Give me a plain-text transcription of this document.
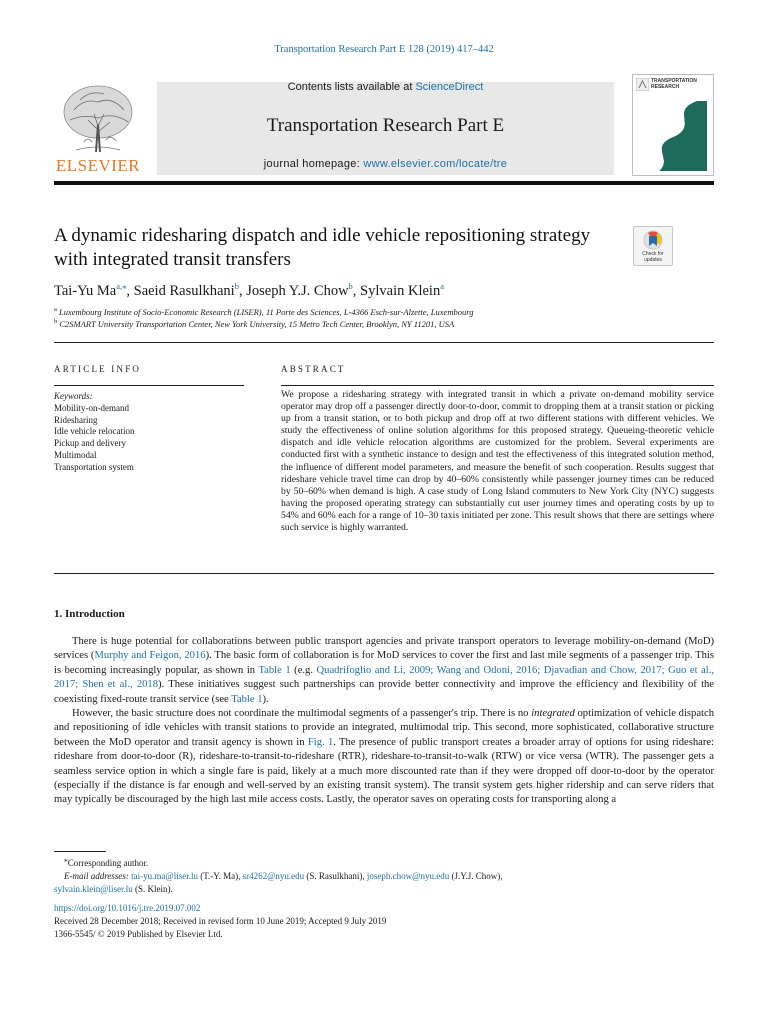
Transportation Research Part E 128 (2019) 417–442
ELSEVIER
Contents lists available at ScienceDirect
Transportation Research Part E
journal homepage: www.elsevier.com/locate/tre
TRANSPORTATION RESEARCH
A dynamic ridesharing dispatch and idle vehicle repositioning strategy with integrated transit transfers	Check for updates
Tai-Yu $Ma^{a,⁎}$, Saeid Rasulkhani$^b$, Joseph Y.J. Chow$^b$, Sylvain Klein$^a$
$^a$ Luxembourg Institute of Socio-Economic Research (LISER), 11 Porte des Sciences, L-4366 Esch-sur-Alzette, Luxembourg
$^b$ C2SMART University Transportation Center, New York University, 15 Metro Tech Center, Brooklyn, NY 11201, USA
ARTICLE INFO	ABSTRACT
Keywords:
Mobility-on-demand
Ridesharing
Idle vehicle relocation
Pickup and delivery
Multimodal
Transportation system
We propose a ridesharing strategy with integrated transit in which a private on-demand mobility service operator may drop off a passenger directly door-to-door, commit to dropping them at a transit station or picking up from a transit station, or to both pickup and drop off at two different stations with different vehicles. We study the effectiveness of online solution algorithms for this proposed strategy. Queueing-theoretic vehicle dispatch and idle vehicle relocation algorithms are customized for the problem. Several experiments are conducted first with a synthetic instance to design and test the effectiveness of this integrated solution method, the influence of different model parameters, and measure the benefit of such cooperation. Results suggest that rideshare vehicle travel time can drop by 40–60% consistently while passenger journey times can be reduced by 50–60% when demand is high. A case study of Long Island commuters to New York City (NYC) suggests having the proposed operating strategy can substantially cut user journey times and operating costs by up to 54% and 60% each for a range of 10–30 taxis initiated per zone. This result shows that there are settings where such service is highly warranted.
1. Introduction

There is huge potential for collaborations between public transport agencies and private transport operators to leverage mobility-on-demand (MoD) services (Murphy and Feigon, 2016). The basic form of collaboration is for MoD services to cover the first and last mile segments of a passenger trip. This is becoming increasingly popular, as shown in Table 1 (e.g. Quadrifoglio and Li, 2009; Wang and Odoni, 2016; Djavadian and Chow, 2017; Guo et al., 2017; Shen et al., 2018). These initiatives suggest such partnerships can provide better connectivity and improve the efficiency and flexibility of the coexisting fixed-route transit service (see Table 1).

However, the basic structure does not coordinate the multimodal segments of a passenger's trip. There is no integrated optimization of vehicle dispatch and repositioning of idle vehicles with transit stations to provide an integrated, multimodal trip. This second, more sophisticated, collaborative structure between the MoD operator and transit agency is shown in Fig. 1. The presence of public transport creates a broader array of options for using rideshare: rideshare from door-to-door (R), rideshare-to-transit-to-rideshare (RTR), rideshare-to-transit-to-walk (RTW) or vice versa (WTR). The passenger gets a seamless service option in which a single fare is paid, likely at a much more discounted rate than if they were dropped off door-to-door by the operator (especially if the distance is far enough and well-served by an existing transit system). The transit system gets higher ridership and can serve riders that may typically be discouraged by the high last mile access costs. Lastly, the operator saves on operating costs for transporting along a

⁎Corresponding author.

E-mail addresses: tai-yu.ma@liser.lu (T.-Y. Ma), sr4262@nyu.edu (S. Rasulkhani), joseph.chow@nyu.edu (J.Y.J. Chow),

sylvain.klein@liser.lu (S. Klein).

https://doi.org/10.1016/j.tre.2019.07.002

Received 28 December 2018; Received in revised form 10 June 2019; Accepted 9 July 2019

1366-5545/ © 2019 Published by Elsevier Ltd.
